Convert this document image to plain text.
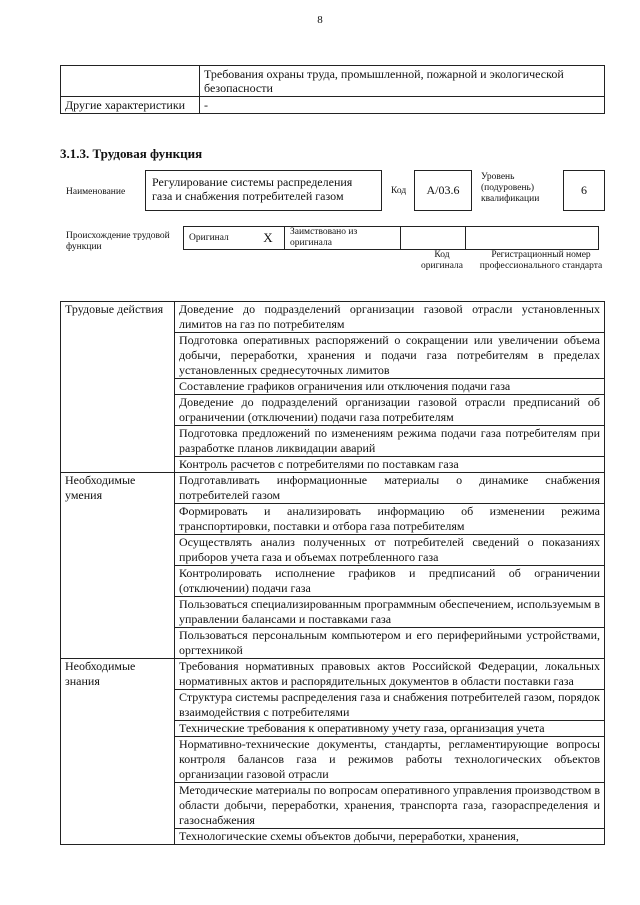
8
	Требования охраны труда, промышленной, пожарной и экологической безопасности
Другие характеристики	-
3.1.3. Трудовая функция
Наименование
Регулирование системы распределения газа и снабжения потребителей газом	Код	A/03.6
Уровень (подуровень) квалификации
6
Происхождение трудовой функции
Оригинал	X	Заимствовано из оригинала		
Код оригинала
Регистрационный номер профессионального стандарта
Трудовые действия	Доведение до подразделений организации газовой отрасли установленных лимитов на газ по потребителям
	Подготовка оперативных распоряжений о сокращении или увеличении объема добычи, переработки, хранения и подачи газа потребителям в пределах установленных среднесуточных лимитов
	Составление графиков ограничения или отключения подачи газа
	Доведение до подразделений организации газовой отрасли предписаний об ограничении (отключении) подачи газа потребителям
	Подготовка предложений по изменениям режима подачи газа потребителям при разработке планов ликвидации аварий
	Контроль расчетов с потребителями по поставкам газа
Необходимые умения	Подготавливать информационные материалы о динамике снабжения потребителей газом
	Формировать и анализировать информацию об изменении режима транспортировки, поставки и отбора газа потребителям
	Осуществлять анализ полученных от потребителей сведений о показаниях приборов учета газа и объемах потребленного газа
	Контролировать исполнение графиков и предписаний об ограничении (отключении) подачи газа
	Пользоваться специализированным программным обеспечением, используемым в управлении балансами и поставками газа
	Пользоваться персональным компьютером и его периферийными устройствами, оргтехникой
Необходимые знания	Требования нормативных правовых актов Российской Федерации, локальных нормативных актов и распорядительных документов в области поставки газа
	Структура системы распределения газа и снабжения потребителей газом, порядок взаимодействия с потребителями
	Технические требования к оперативному учету газа, организация учета
	Нормативно-технические документы, стандарты, регламентирующие вопросы контроля балансов газа и режимов работы технологических объектов организации газовой отрасли
	Методические материалы по вопросам оперативного управления производством в области добычи, переработки, хранения, транспорта газа, газораспределения и газоснабжения
	Технологические схемы объектов добычи, переработки, хранения,
